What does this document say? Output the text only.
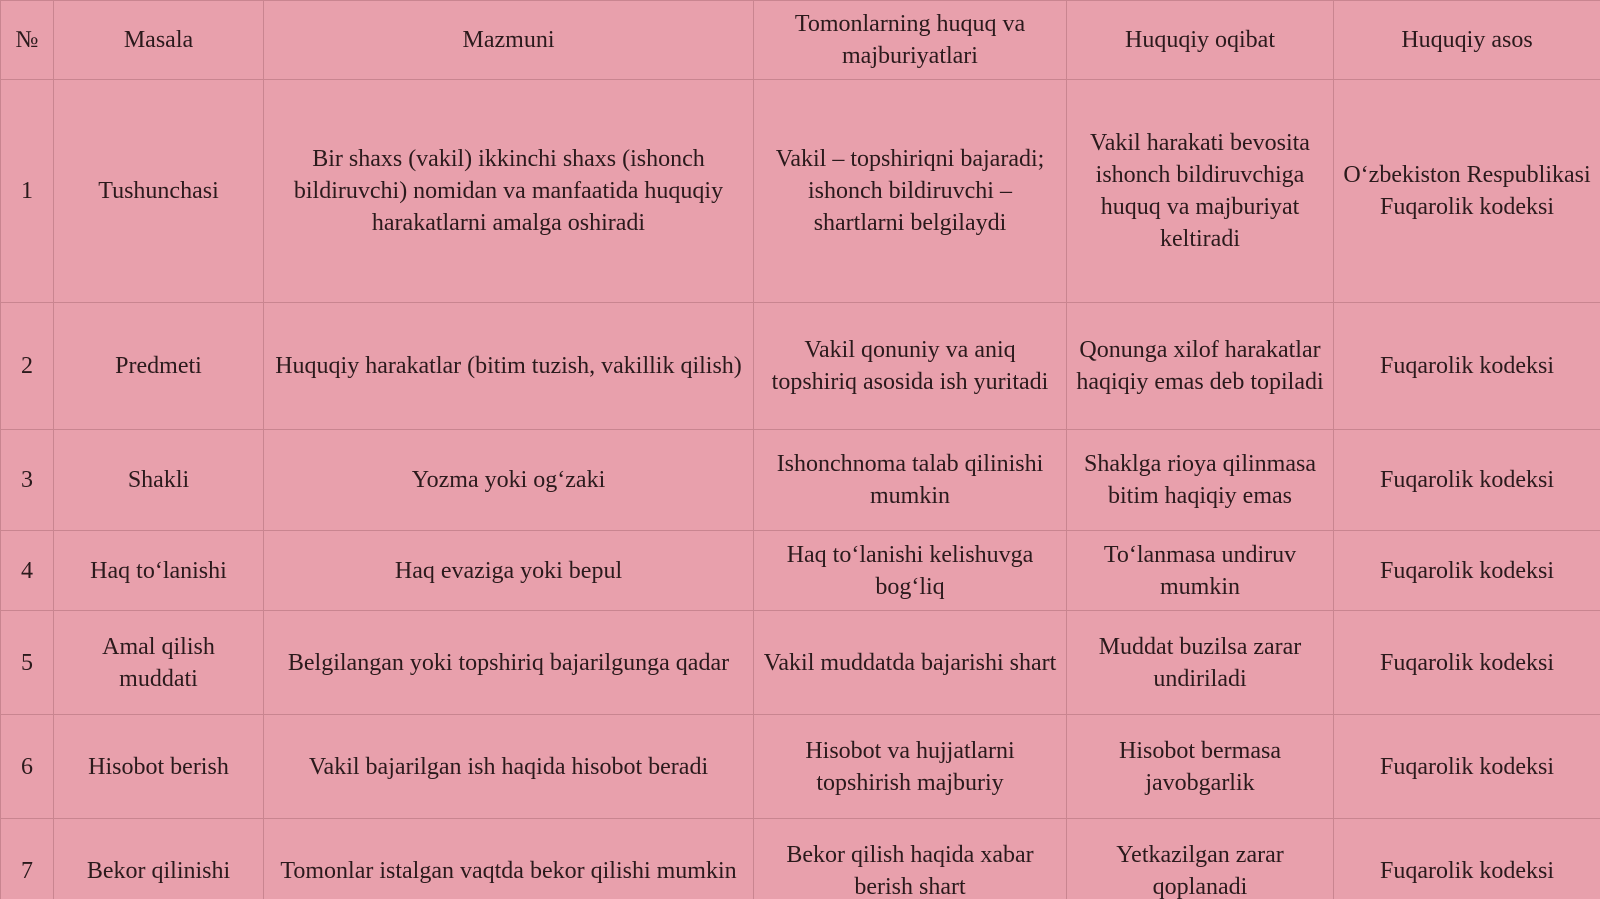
№	Masala	Mazmuni	Tomonlarning huquq va majburiyatlari	Huquqiy oqibat	Huquqiy asos
1	Tushunchasi	Bir shaxs (vakil) ikkinchi shaxs (ishonch bildiruvchi) nomidan va manfaatida huquqiy harakatlarni amalga oshiradi	Vakil – topshiriqni bajaradi; ishonch bildiruvchi – shartlarni belgilaydi	Vakil harakati bevosita ishonch bildiruvchiga huquq va majburiyat keltiradi	O‘zbekiston Respublikasi Fuqarolik kodeksi
2	Predmeti	Huquqiy harakatlar (bitim tuzish, vakillik qilish)	Vakil qonuniy va aniq topshiriq asosida ish yuritadi	Qonunga xilof harakatlar haqiqiy emas deb topiladi	Fuqarolik kodeksi
3	Shakli	Yozma yoki og‘zaki	Ishonchnoma talab qilinishi mumkin	Shaklga rioya qilinmasa bitim haqiqiy emas	Fuqarolik kodeksi
4	Haq to‘lanishi	Haq evaziga yoki bepul	Haq to‘lanishi kelishuvga bog‘liq	To‘lanmasa undiruv mumkin	Fuqarolik kodeksi
5	Amal qilish muddati	Belgilangan yoki topshiriq bajarilgunga qadar	Vakil muddatda bajarishi shart	Muddat buzilsa zarar undiriladi	Fuqarolik kodeksi
6	Hisobot berish	Vakil bajarilgan ish haqida hisobot beradi	Hisobot va hujjatlarni topshirish majburiy	Hisobot bermasa javobgarlik	Fuqarolik kodeksi
7	Bekor qilinishi	Tomonlar istalgan vaqtda bekor qilishi mumkin	Bekor qilish haqida xabar berish shart	Yetkazilgan zarar qoplanadi	Fuqarolik kodeksi
